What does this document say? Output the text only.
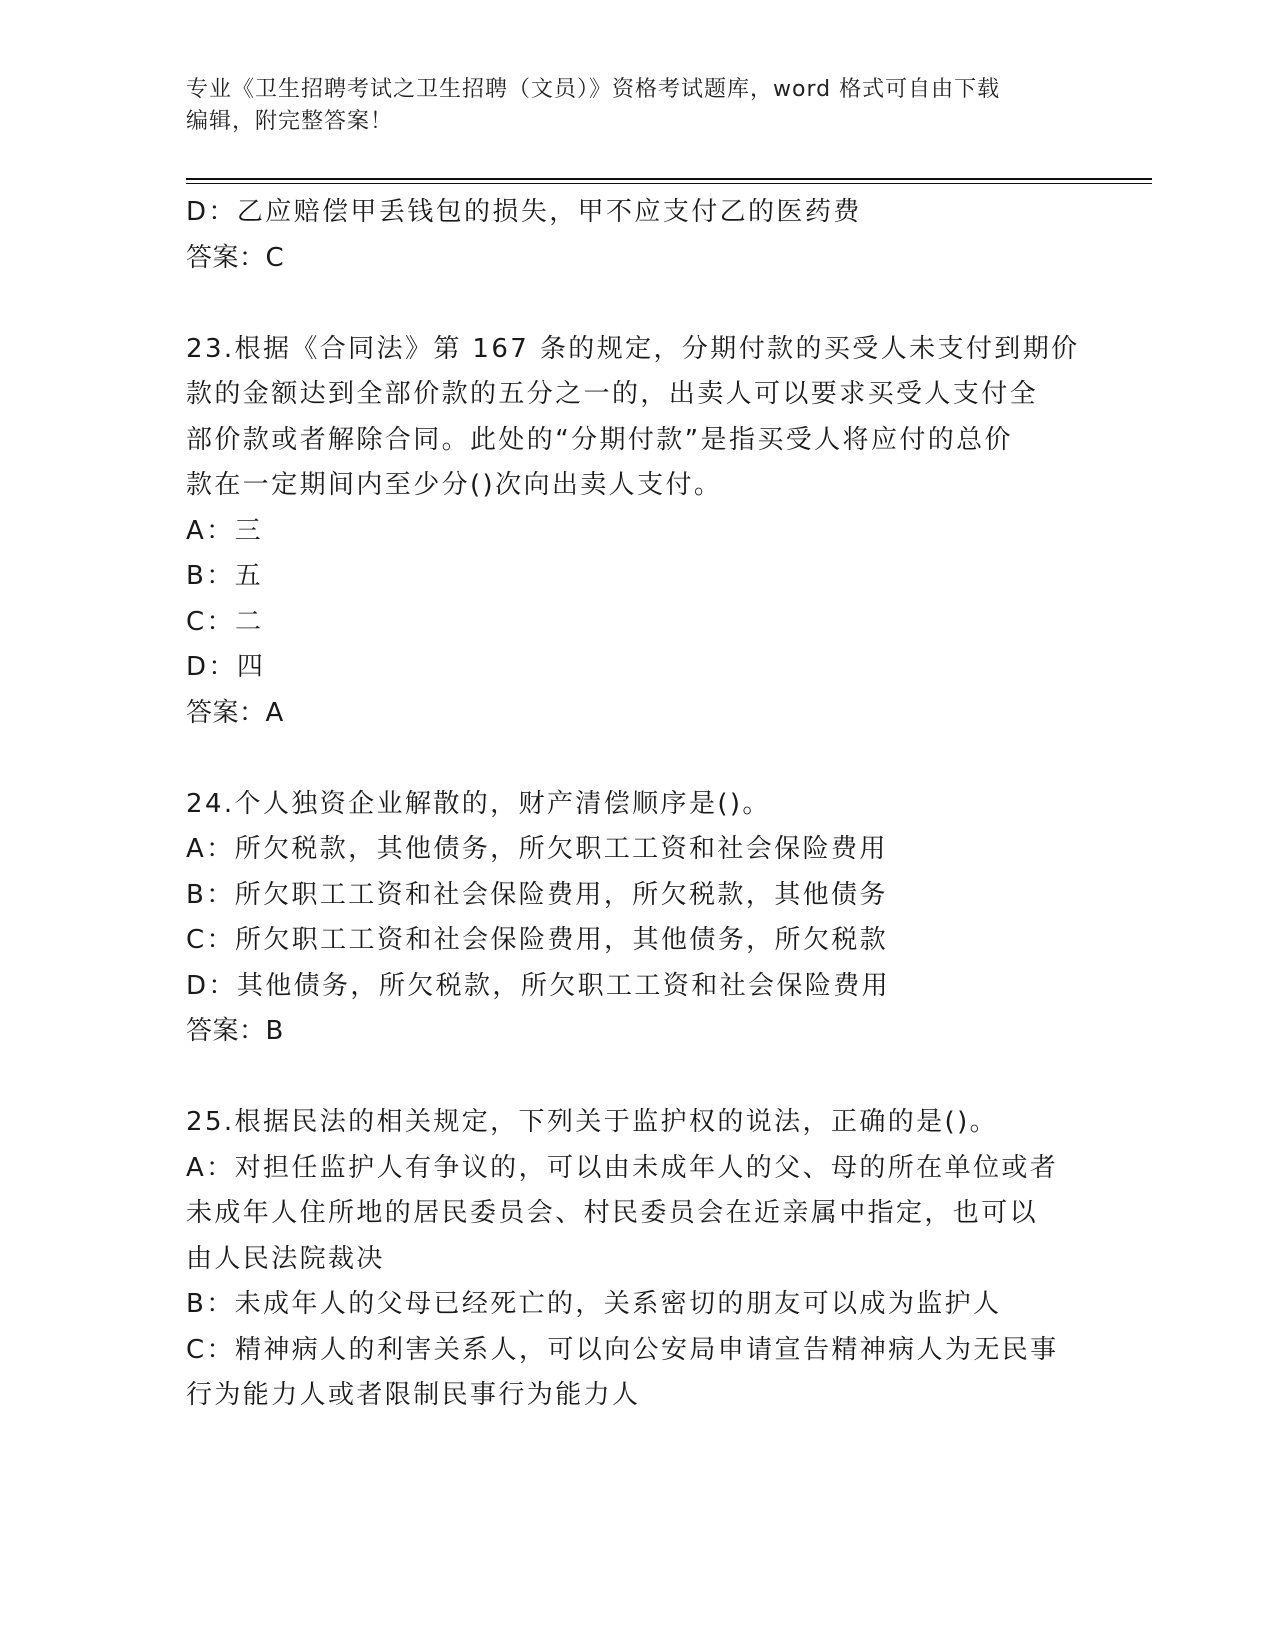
专业《卫生招聘考试之卫生招聘（文员）》资格考试题库，word 格式可自由下载
编辑，附完整答案！
D：乙应赔偿甲丢钱包的损失，甲不应支付乙的医药费
答案：C
23.根据《合同法》第 167 条的规定，分期付款的买受人未支付到期价
款的金额达到全部价款的五分之一的，出卖人可以要求买受人支付全
部价款或者解除合同。此处的“分期付款”是指买受人将应付的总价
款在一定期间内至少分()次向出卖人支付。
A：三
B：五
C：二
D：四
答案：A
24.个人独资企业解散的，财产清偿顺序是()。
A：所欠税款，其他债务，所欠职工工资和社会保险费用
B：所欠职工工资和社会保险费用，所欠税款，其他债务
C：所欠职工工资和社会保险费用，其他债务，所欠税款
D：其他债务，所欠税款，所欠职工工资和社会保险费用
答案：B
25.根据民法的相关规定，下列关于监护权的说法，正确的是()。
A：对担任监护人有争议的，可以由未成年人的父、母的所在单位或者
未成年人住所地的居民委员会、村民委员会在近亲属中指定，也可以
由人民法院裁决
B：未成年人的父母已经死亡的，关系密切的朋友可以成为监护人
C：精神病人的利害关系人，可以向公安局申请宣告精神病人为无民事
行为能力人或者限制民事行为能力人
